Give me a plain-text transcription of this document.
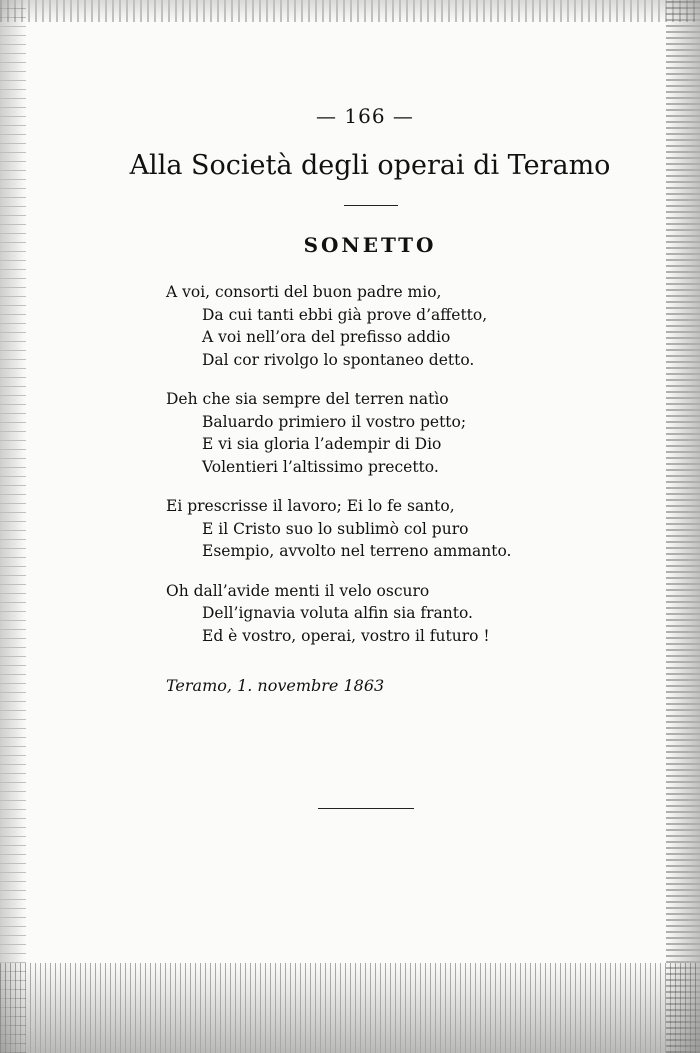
— 166 —
Alla Società degli operai di Teramo
SONETTO
A voi, consorti del buon padre mio,
Da cui tanti ebbi già prove d’affetto,
A voi nell’ora del prefisso addio
Dal cor rivolgo lo spontaneo detto.
Deh che sia sempre del terren natìo
Baluardo primiero il vostro petto;
E vi sia gloria l’adempir di Dio
Volentieri l’altissimo precetto.
Ei prescrisse il lavoro; Ei lo fe santo,
E il Cristo suo lo sublimò col puro
Esempio, avvolto nel terreno ammanto.
Oh dall’avide menti il velo oscuro
Dell’ignavia voluta alfin sia franto.
Ed è vostro, operai, vostro il futuro !
Teramo, 1. novembre 1863
